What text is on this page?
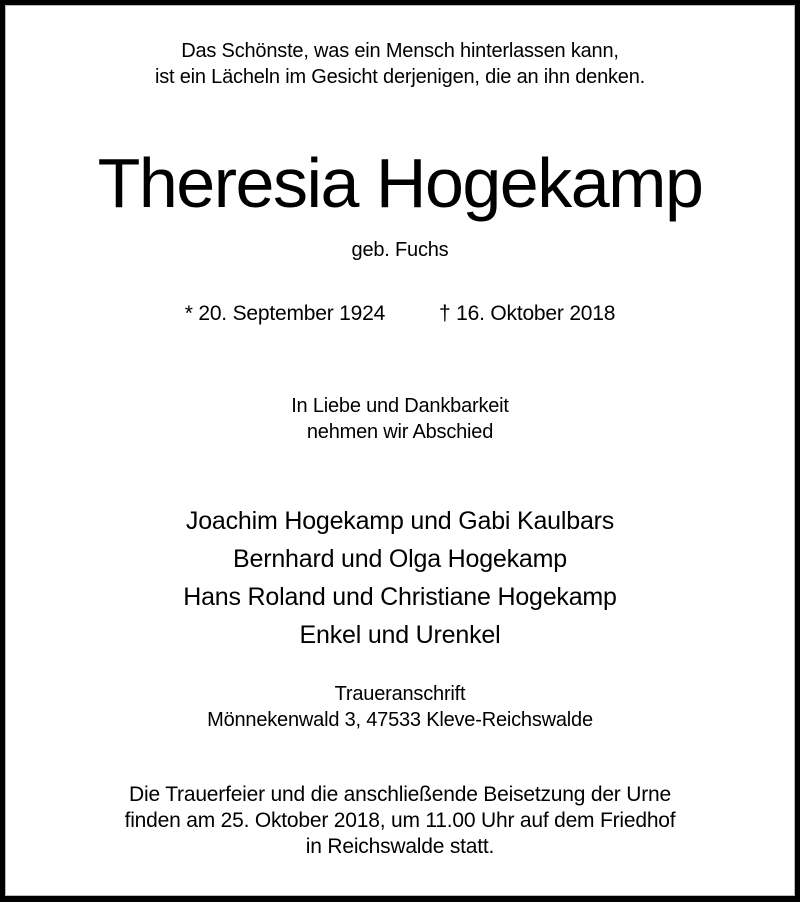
Das Schönste, was ein Mensch hinterlassen kann,
ist ein Lächeln im Gesicht derjenigen, die an ihn denken.
Theresia Hogekamp
geb. Fuchs
* 20. September 1924	† 16. Oktober 2018
In Liebe und Dankbarkeit
nehmen wir Abschied
Joachim Hogekamp und Gabi Kaulbars
Bernhard und Olga Hogekamp
Hans Roland und Christiane Hogekamp
Enkel und Urenkel
Traueranschrift
Mönnekenwald 3, 47533 Kleve-Reichswalde
Die Trauerfeier und die anschließende Beisetzung der Urne
finden am 25. Oktober 2018, um 11.00 Uhr auf dem Friedhof
in Reichswalde statt.
